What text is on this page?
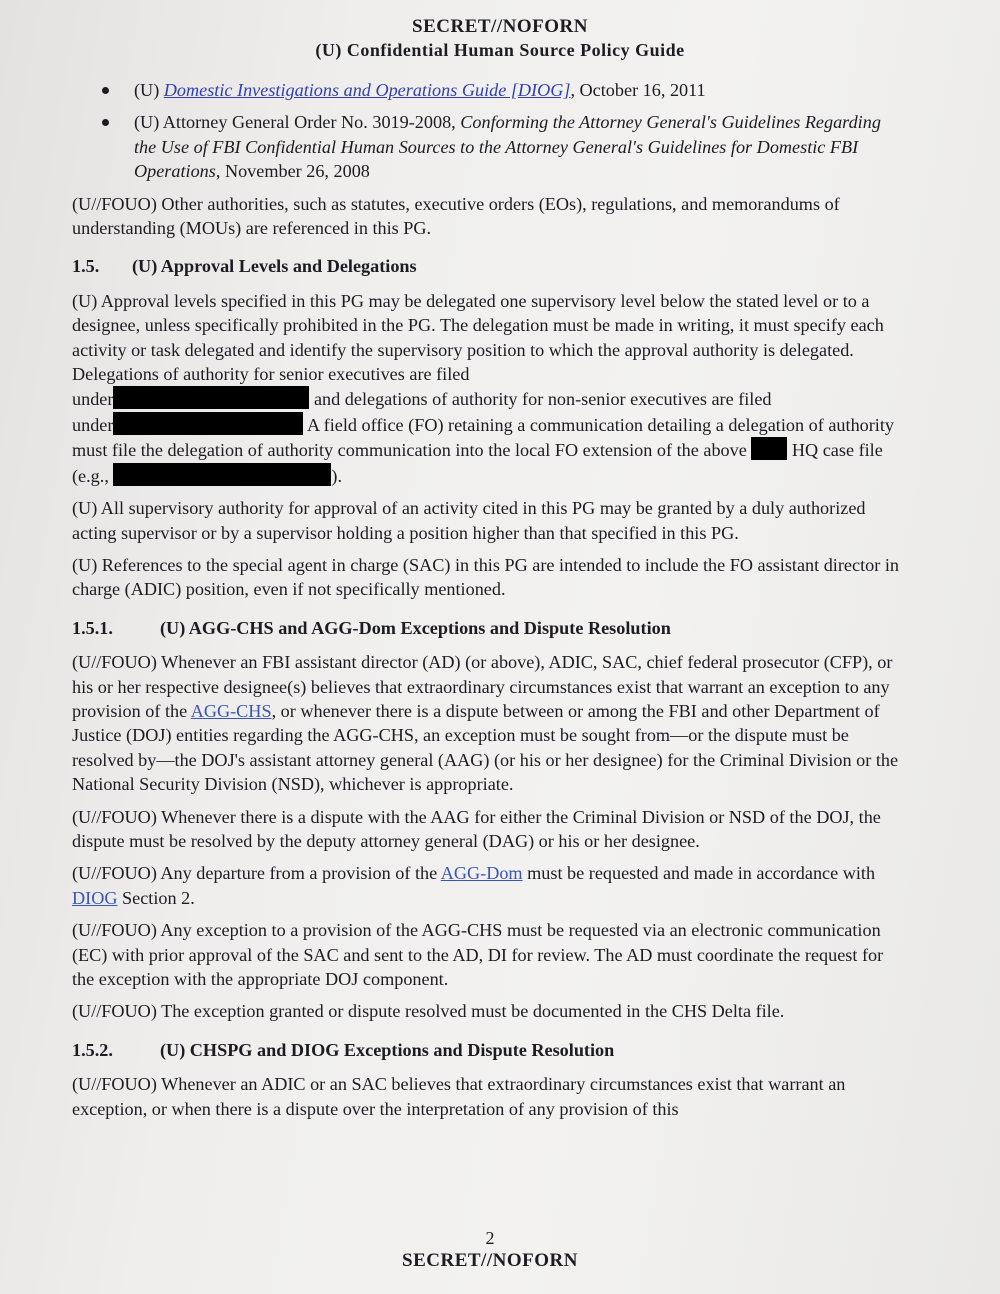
SECRET//NOFORN
(U) Confidential Human Source Policy Guide
(U) Domestic Investigations and Operations Guide [DIOG], October 16, 2011
(U) Attorney General Order No. 3019-2008, Conforming the Attorney General's Guidelines Regarding the Use of FBI Confidential Human Sources to the Attorney General's Guidelines for Domestic FBI Operations, November 26, 2008

(U//FOUO) Other authorities, such as statutes, executive orders (EOs), regulations, and memorandums of understanding (MOUs) are referenced in this PG.

1.5. (U) Approval Levels and Delegations

(U) Approval levels specified in this PG may be delegated one supervisory level below the stated level or to a designee, unless specifically prohibited in the PG. The delegation must be made in writing, it must specify each activity or task delegated and identify the supervisory position to which the approval authority is delegated. Delegations of authority for senior executives are filed
under	and delegations of authority for non-senior executives are filed
under	A field office (FO) retaining a communication detailing a delegation of authority must file the delegation of authority communication into the local FO extension of the above HQ case file (e.g.,	).

(U) All supervisory authority for approval of an activity cited in this PG may be granted by a duly authorized acting supervisor or by a supervisor holding a position higher than that specified in this PG.

(U) References to the special agent in charge (SAC) in this PG are intended to include the FO assistant director in charge (ADIC) position, even if not specifically mentioned.

1.5.1.	(U) AGG-CHS and AGG-Dom Exceptions and Dispute Resolution

(U//FOUO) Whenever an FBI assistant director (AD) (or above), ADIC, SAC, chief federal prosecutor (CFP), or his or her respective designee(s) believes that extraordinary circumstances exist that warrant an exception to any provision of the AGG-CHS, or whenever there is a dispute between or among the FBI and other Department of Justice (DOJ) entities regarding the AGG-CHS, an exception must be sought from—or the dispute must be resolved by—the DOJ's assistant attorney general (AAG) (or his or her designee) for the Criminal Division or the National Security Division (NSD), whichever is appropriate.

(U//FOUO) Whenever there is a dispute with the AAG for either the Criminal Division or NSD of the DOJ, the dispute must be resolved by the deputy attorney general (DAG) or his or her designee.

(U//FOUO) Any departure from a provision of the AGG-Dom must be requested and made in accordance with DIOG Section 2.

(U//FOUO) Any exception to a provision of the AGG-CHS must be requested via an electronic communication (EC) with prior approval of the SAC and sent to the AD, DI for review. The AD must coordinate the request for the exception with the appropriate DOJ component.

(U//FOUO) The exception granted or dispute resolved must be documented in the CHS Delta file.

1.5.2.	(U) CHSPG and DIOG Exceptions and Dispute Resolution

(U//FOUO) Whenever an ADIC or an SAC believes that extraordinary circumstances exist that warrant an exception, or when there is a dispute over the interpretation of any provision of this

2
SECRET//NOFORN
